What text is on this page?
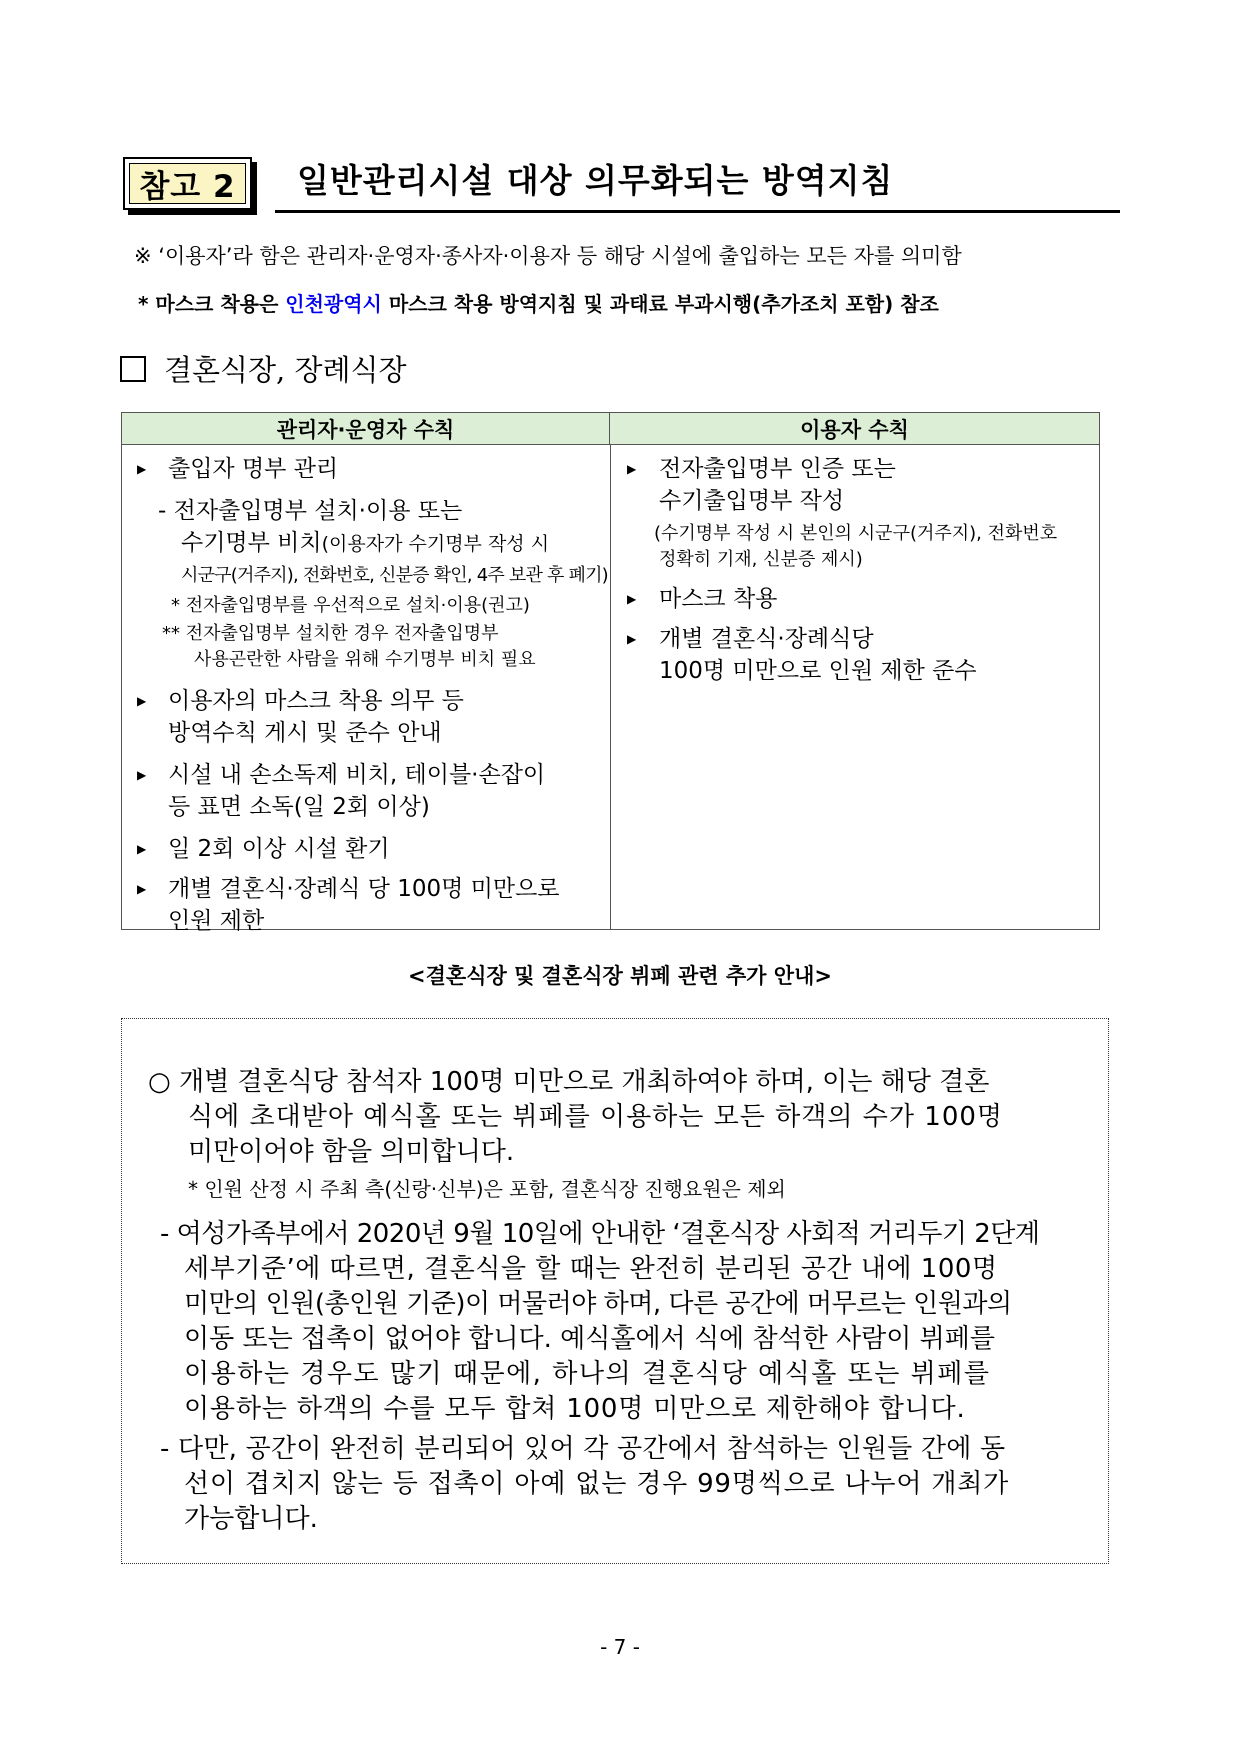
참고 2	일반관리시설 대상 의무화되는 방역지침
※ ‘이용자’라 함은 관리자·운영자·종사자·이용자 등 해당 시설에 출입하는 모든 자를 의미함
* 마스크 착용은 인천광역시 마스크 착용 방역지침 및 과태료 부과시행(추가조치 포함) 참조
결혼식장, 장례식장
관리자·운영자 수칙	이용자 수칙
▶ 출입자 명부 관리
- 전자출입명부 설치·이용 또는
수기명부 비치(이용자가 수기명부 작성 시
시군구(거주지), 전화번호, 신분증 확인, 4주 보관 후 폐기)
* 전자출입명부를 우선적으로 설치·이용(권고)
** 전자출입명부 설치한 경우 전자출입명부
사용곤란한 사람을 위해 수기명부 비치 필요
▶ 이용자의 마스크 착용 의무 등
방역수칙 게시 및 준수 안내
▶ 시설 내 손소독제 비치, 테이블·손잡이
등 표면 소독(일 2회 이상)
▶ 일 2회 이상 시설 환기
▶ 개별 결혼식·장례식 당 100명 미만으로
인원 제한
▶ 전자출입명부 인증 또는
수기출입명부 작성
(수기명부 작성 시 본인의 시군구(거주지), 전화번호
정확히 기재, 신분증 제시)
▶ 마스크 착용
▶ 개별 결혼식·장례식당
100명 미만으로 인원 제한 준수
<결혼식장 및 결혼식장 뷔페 관련 추가 안내>
○ 개별 결혼식당 참석자 100명 미만으로 개최하여야 하며, 이는 해당 결혼
식에 초대받아 예식홀 또는 뷔페를 이용하는 모든 하객의 수가 100명
미만이어야 함을 의미합니다.
* 인원 산정 시 주최 측(신랑·신부)은 포함, 결혼식장 진행요원은 제외
- 여성가족부에서 2020년 9월 10일에 안내한 ‘결혼식장 사회적 거리두기 2단계
세부기준’에 따르면, 결혼식을 할 때는 완전히 분리된 공간 내에 100명
미만의 인원(총인원 기준)이 머물러야 하며, 다른 공간에 머무르는 인원과의
이동 또는 접촉이 없어야 합니다. 예식홀에서 식에 참석한 사람이 뷔페를
이용하는 경우도 많기 때문에, 하나의 결혼식당 예식홀 또는 뷔페를
이용하는 하객의 수를 모두 합쳐 100명 미만으로 제한해야 합니다.
- 다만, 공간이 완전히 분리되어 있어 각 공간에서 참석하는 인원들 간에 동
선이 겹치지 않는 등 접촉이 아예 없는 경우 99명씩으로 나누어 개최가
가능합니다.
- 7 -
